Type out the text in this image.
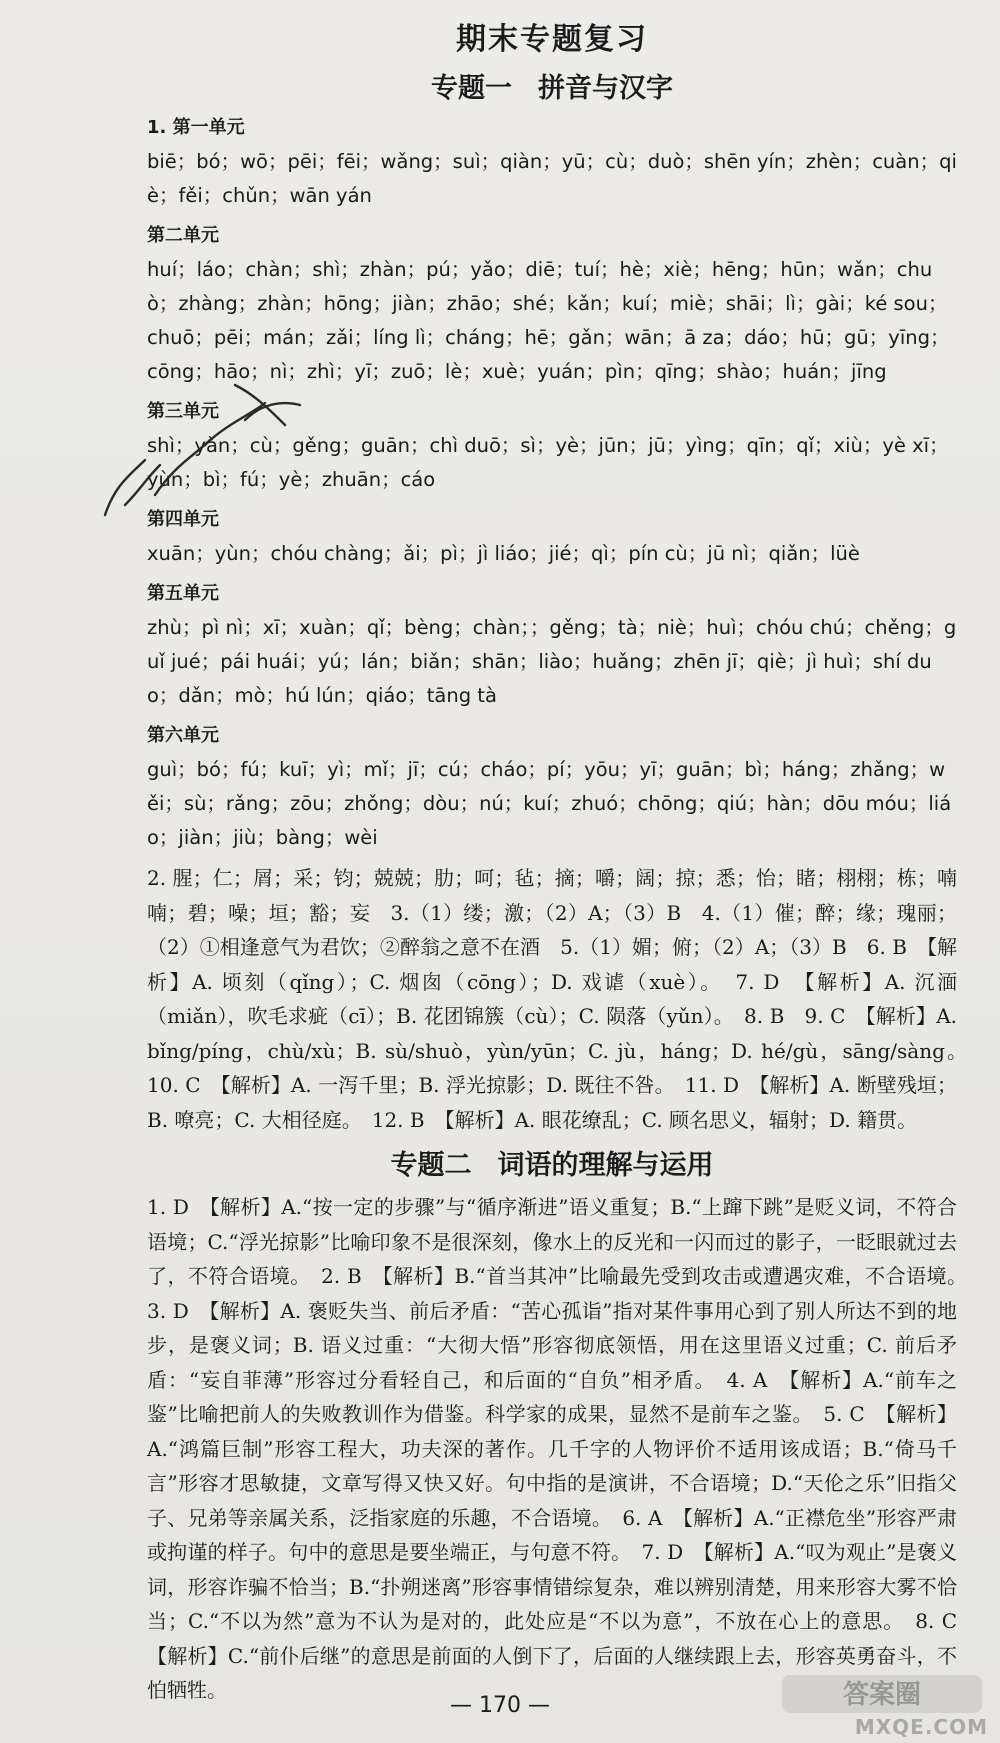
期末专题复习
专题一 拼音与汉字
1. 第一单元

biē；bó；wō；pēi；fēi；wǎng；suì；qiàn；yū；cù；duò；shēn yín；zhèn；cuàn；qiè；fěi；chǔn；wān yán

第二单元

huí；láo；chàn；shì；zhàn；pú；yǎo；diē；tuí；hè；xiè；hēng；hūn；wǎn；chuò；zhàng；zhàn；hōng；jiàn；zhāo；shé；kǎn；kuí；miè；shāi；lì；gài；ké sou；chuō；pēi；mán；zǎi；líng lì；cháng；hē；gǎn；wān；ā za；dáo；hū；gū；yīng；cōng；hāo；nì；zhì；yī；zuō；lè；xuè；yuán；pìn；qīng；shào；huán；jīng

第三单元

shì；yàn；cù；gěng；guān；chì duō；sì；yè；jūn；jū；yìng；qīn；qǐ；xiù；yè xī；yùn；bì；fú；yè；zhuān；cáo

第四单元

xuān；yùn；chóu chàng；ǎi；pì；jì liáo；jié；qì；pín cù；jū nì；qiǎn；lüè

第五单元

zhù；pì nì；xī；xuàn；qǐ；bèng；chàn；；gěng；tà；niè；huì；chóu chú；chěng；guǐ jué；pái huái；yú；lán；biǎn；shān；liào；huǎng；zhēn jī；qiè；jì huì；shí duo；dǎn；mò；hú lún；qiáo；tāng tà

第六单元

guì；bó；fú；kuī；yì；mǐ；jī；cú；cháo；pí；yōu；yī；guān；bì；háng；zhǎng；wěi；sù；rǎng；zōu；zhǒng；dòu；nú；kuí；zhuó；chōng；qiú；hàn；dōu móu；liáo；jiàn；jiù；bàng；wèi

2. 腥；仁；屑；采；钧；兢兢；肋；呵；毡；摘；嚼；阔；掠；悉；怡；睹；栩栩；栋；喃喃；碧；噪；垣；豁；妄　3.（1）缕；激；（2）A；（3）B　4.（1）催；醉；缘；瑰丽；（2）①相逢意气为君饮；②醉翁之意不在酒　5.（1）媚；俯；（2）A；（3）B　6. B　【解析】A. 顷刻（qǐng）；C. 烟囱（cōng）；D. 戏谑（xuè）。　7. D　【解析】A. 沉湎（miǎn），吹毛求疵（cī）；B. 花团锦簇（cù）；C. 陨落（yǔn）。　8. B　9. C　【解析】A. bǐng/píng，chù/xù；B. sù/shuò，yùn/yūn；C. jù，háng；D. hé/gù，sāng/sàng。　10. C　【解析】A. 一泻千里；B. 浮光掠影；D. 既往不咎。　11. D　【解析】A. 断壁残垣；B. 嘹亮；C. 大相径庭。　12. B　【解析】A. 眼花缭乱；C. 顾名思义，辐射；D. 籍贯。

专题二 词语的理解与运用

1. D　【解析】A.“按一定的步骤”与“循序渐进”语义重复；B.“上蹿下跳”是贬义词，不符合语境；C.“浮光掠影”比喻印象不是很深刻，像水上的反光和一闪而过的影子，一眨眼就过去了，不符合语境。　2. B　【解析】B.“首当其冲”比喻最先受到攻击或遭遇灾难，不合语境。　3. D　【解析】A. 褒贬失当、前后矛盾：“苦心孤诣”指对某件事用心到了别人所达不到的地步，是褒义词；B. 语义过重：“大彻大悟”形容彻底领悟，用在这里语义过重；C. 前后矛盾：“妄自菲薄”形容过分看轻自己，和后面的“自负”相矛盾。　4. A　【解析】A.“前车之鉴”比喻把前人的失败教训作为借鉴。科学家的成果，显然不是前车之鉴。　5. C　【解析】A.“鸿篇巨制”形容工程大，功夫深的著作。几千字的人物评价不适用该成语；B.“倚马千言”形容才思敏捷，文章写得又快又好。句中指的是演讲，不合语境；D.“天伦之乐”旧指父子、兄弟等亲属关系，泛指家庭的乐趣，不合语境。　6. A　【解析】A.“正襟危坐”形容严肃或拘谨的样子。句中的意思是要坐端正，与句意不符。　7. D　【解析】A.“叹为观止”是褒义词，形容诈骗不恰当；B.“扑朔迷离”形容事情错综复杂，难以辨别清楚，用来形容大雾不恰当；C.“不以为然”意为不认为是对的，此处应是“不以为意”，不放在心上的意思。　8. C　【解析】C.“前仆后继”的意思是前面的人倒下了，后面的人继续跟上去，形容英勇奋斗，不怕牺牲。

— 170 —	答案圈
MXQE.COM
